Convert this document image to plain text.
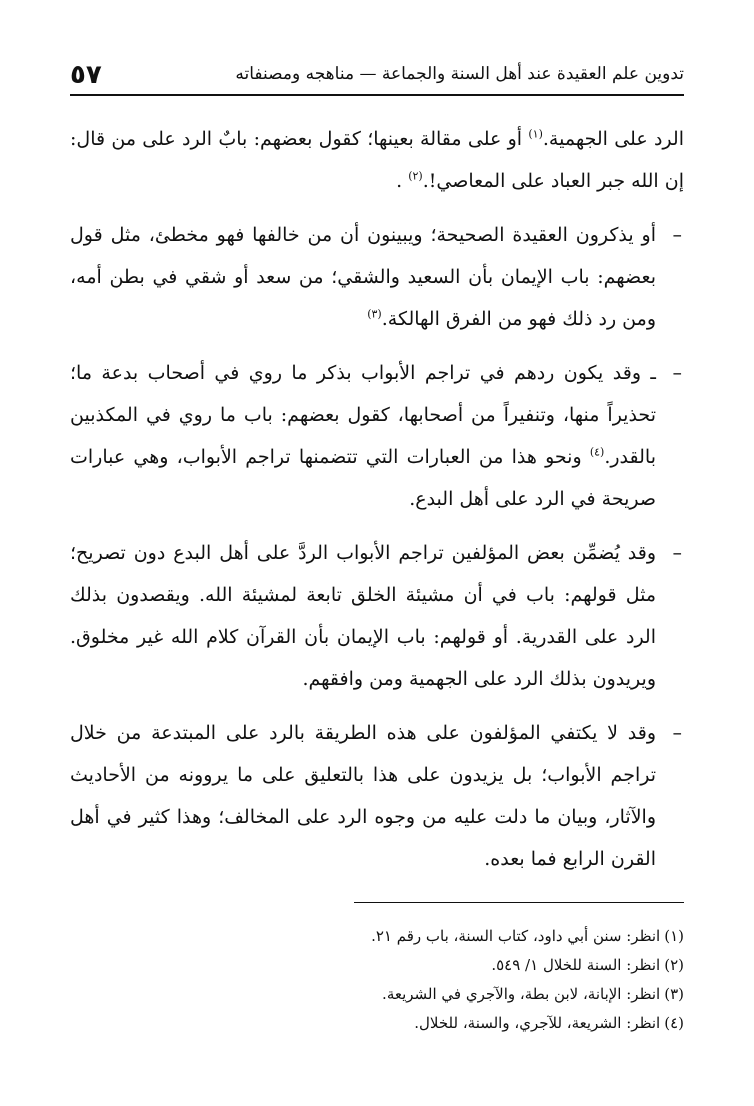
تدوين علم العقيدة عند أهل السنة والجماعة — مناهجه ومصنفاته
٥٧

الرد على الجهمية.$^{(١)}$ أو على مقالة بعينها؛ كقول بعضهم: بابٌ الرد على من قال: إن الله جبر العباد على المعاصي!.$^{(٢)}$ .

–
أو يذكرون العقيدة الصحيحة؛ ويبينون أن من خالفها فهو مخطئ، مثل قول بعضهم: باب الإيمان بأن السعيد والشقي؛ من سعد أو شقي في بطن أمه، ومن رد ذلك فهو من الفرق الهالكة.$^{(٣)}$

–
ـ وقد يكون ردهم في تراجم الأبواب بذكر ما روي في أصحاب بدعة ما؛ تحذيراً منها، وتنفيراً من أصحابها، كقول بعضهم: باب ما روي في المكذبين بالقدر.$^{(٤)}$ ونحو هذا من العبارات التي تتضمنها تراجم الأبواب، وهي عبارات صريحة في الرد على أهل البدع.

–
وقد يُضمِّن بعض المؤلفين تراجم الأبواب الردَّ على أهل البدع دون تصريح؛ مثل قولهم: باب في أن مشيئة الخلق تابعة لمشيئة الله. ويقصدون بذلك الرد على القدرية. أو قولهم: باب الإيمان بأن القرآن كلام الله غير مخلوق. ويريدون بذلك الرد على الجهمية ومن وافقهم.

–
وقد لا يكتفي المؤلفون على هذه الطريقة بالرد على المبتدعة من خلال تراجم الأبواب؛ بل يزيدون على هذا بالتعليق على ما يروونه من الأحاديث والآثار، وبيان ما دلت عليه من وجوه الرد على المخالف؛ وهذا كثير في أهل القرن الرابع فما بعده.

(١)انظر: سنن أبي داود، كتاب السنة، باب رقم ٢١.
(٢)انظر: السنة للخلال ١/ ٥٤٩.
(٣)انظر: الإبانة، لابن بطة، والآجري في الشريعة.
(٤)انظر: الشريعة، للآجري، والسنة، للخلال.
